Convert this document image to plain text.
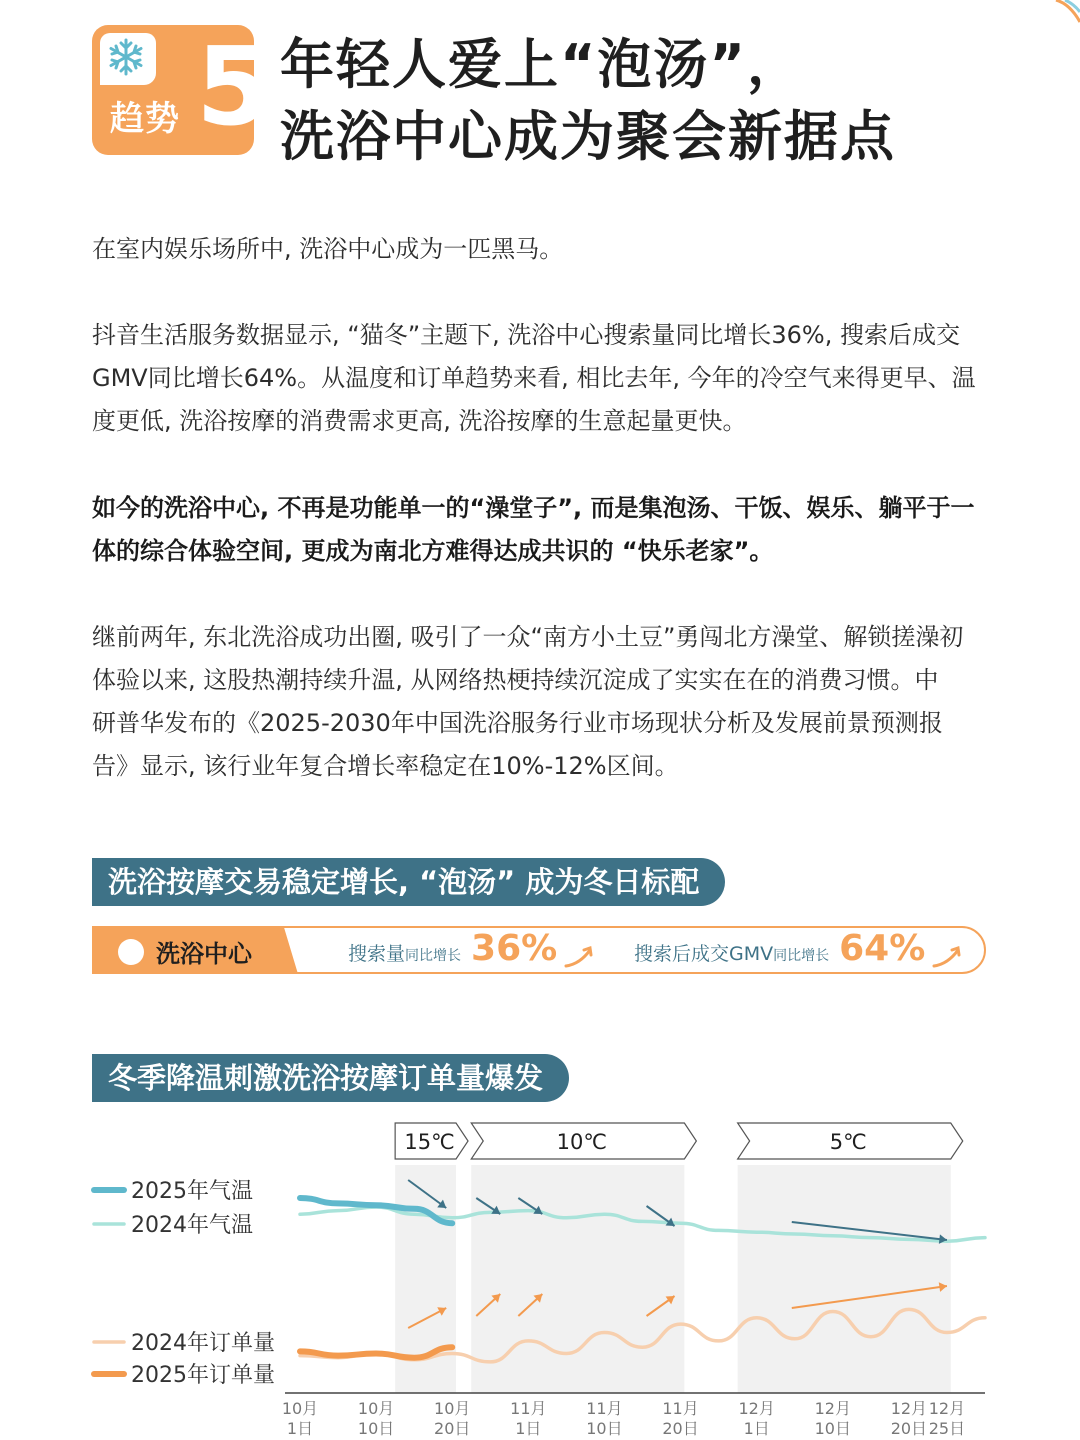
趋势 5 年轻人爱上“泡汤”，
洗浴中心成为聚会新据点
在室内娱乐场所中, 洗浴中心成为一匹黑马。
抖音生活服务数据显示, “猫冬”主题下, 洗浴中心搜索量同比增长36%, 搜索后成交
GMV同比增长64%。从温度和订单趋势来看, 相比去年, 今年的冷空气来得更早、温
度更低, 洗浴按摩的消费需求更高, 洗浴按摩的生意起量更快。
如今的洗浴中心, 不再是功能单一的“澡堂子”, 而是集泡汤、干饭、娱乐、躺平于一
体的综合体验空间, 更成为南北方难得达成共识的 “快乐老家”。
继前两年, 东北洗浴成功出圈, 吸引了一众“南方小土豆”勇闯北方澡堂、解锁搓澡初
体验以来, 这股热潮持续升温, 从网络热梗持续沉淀成了实实在在的消费习惯。中
研普华发布的《2025-2030年中国洗浴服务行业市场现状分析及发展前景预测报
告》显示, 该行业年复合增长率稳定在10%-12%区间。
洗浴按摩交易稳定增长, “泡汤” 成为冬日标配
洗浴中心	搜索量同比增长 36%	搜索后成交GMV同比增长 64%
冬季降温刺激洗浴按摩订单量爆发
15℃	10℃	5℃
2025年气温
2024年气温
2024年订单量
2025年订单量
10月
1日
10月
10日
10月
20日
11月
1日
11月
10日
11月
20日
12月
1日
12月
10日
12月
20日
12月
25日
